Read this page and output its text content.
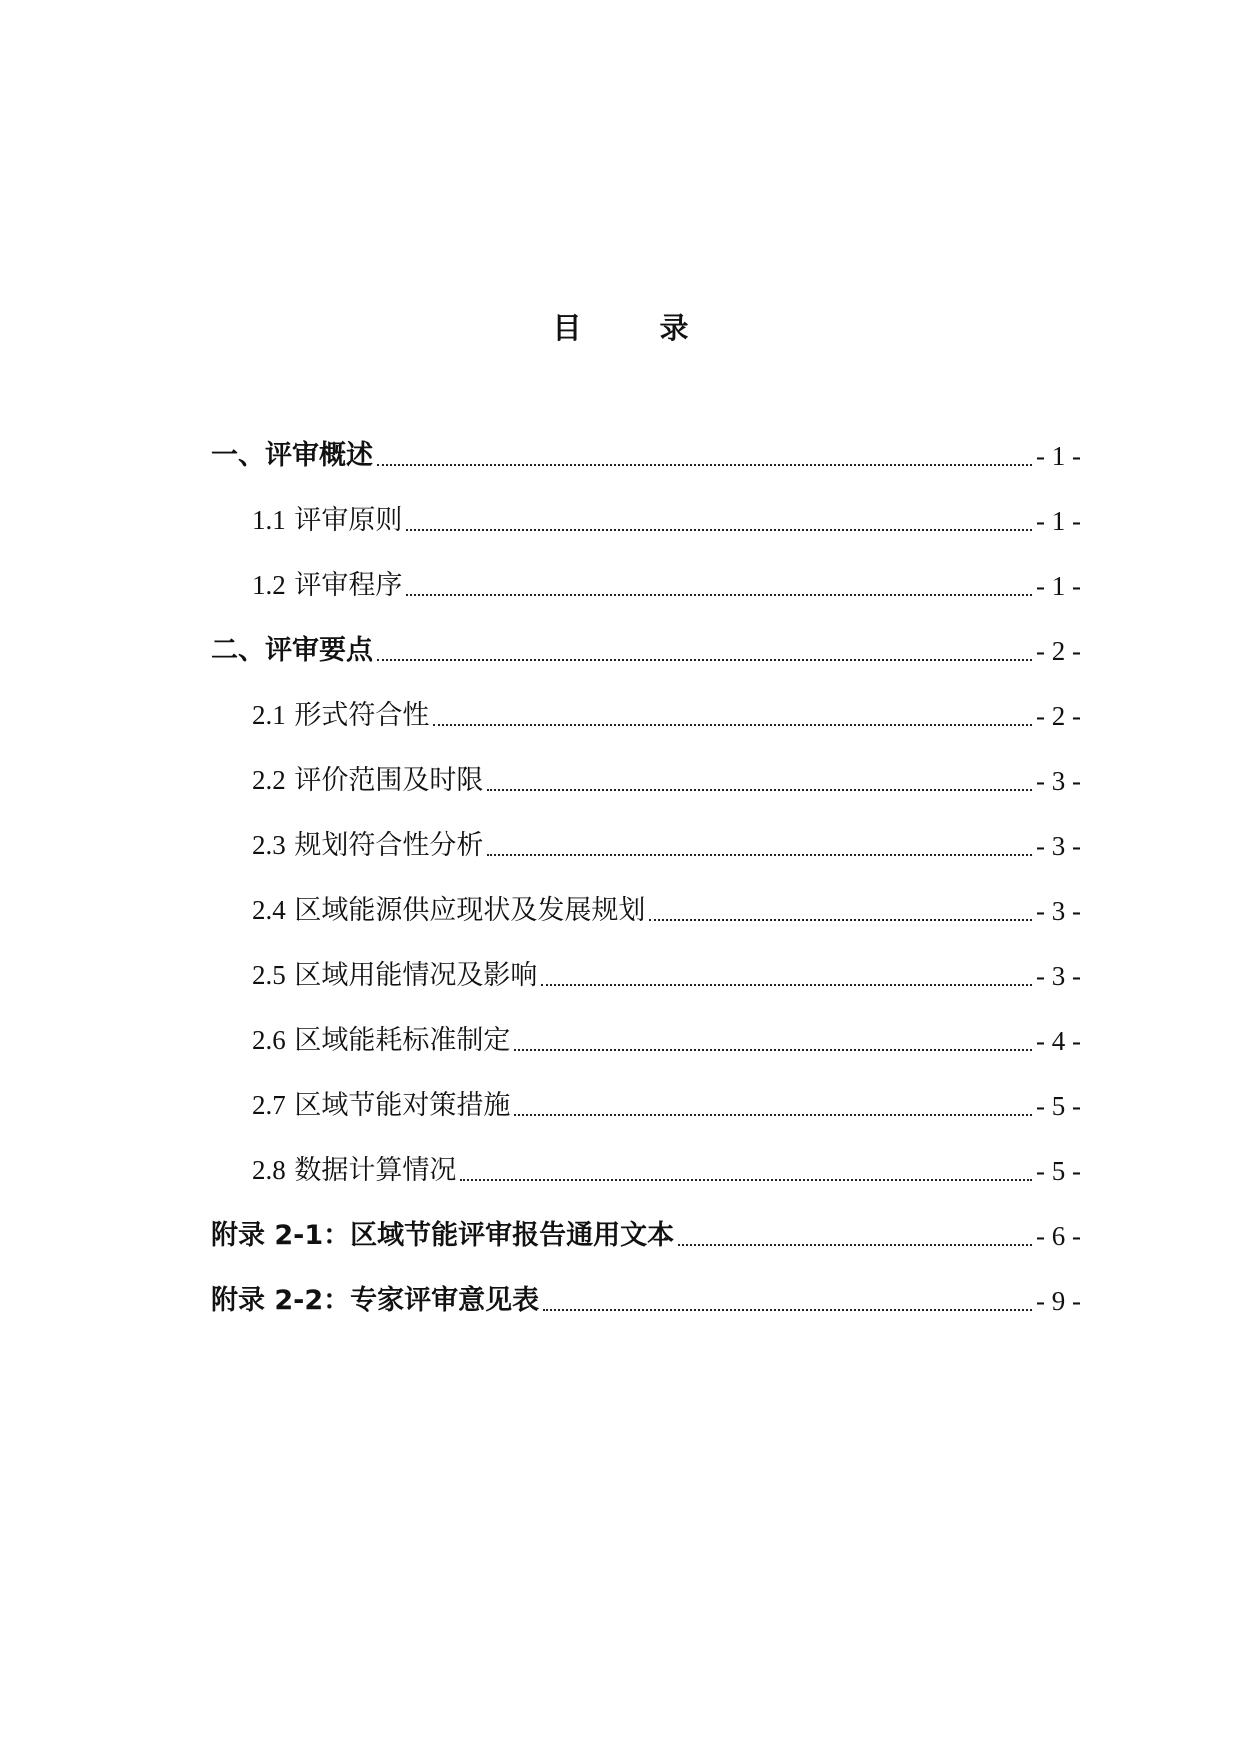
目 录
一、评审概述	- 1 -
1.1 评审原则	- 1 -
1.2 评审程序	- 1 -
二、评审要点	- 2 -
2.1 形式符合性	- 2 -
2.2 评价范围及时限	- 3 -
2.3 规划符合性分析	- 3 -
2.4 区域能源供应现状及发展规划	- 3 -
2.5 区域用能情况及影响	- 3 -
2.6 区域能耗标准制定	- 4 -
2.7 区域节能对策措施	- 5 -
2.8 数据计算情况	- 5 -
附录 2-1：区域节能评审报告通用文本	- 6 -
附录 2-2：专家评审意见表	- 9 -
